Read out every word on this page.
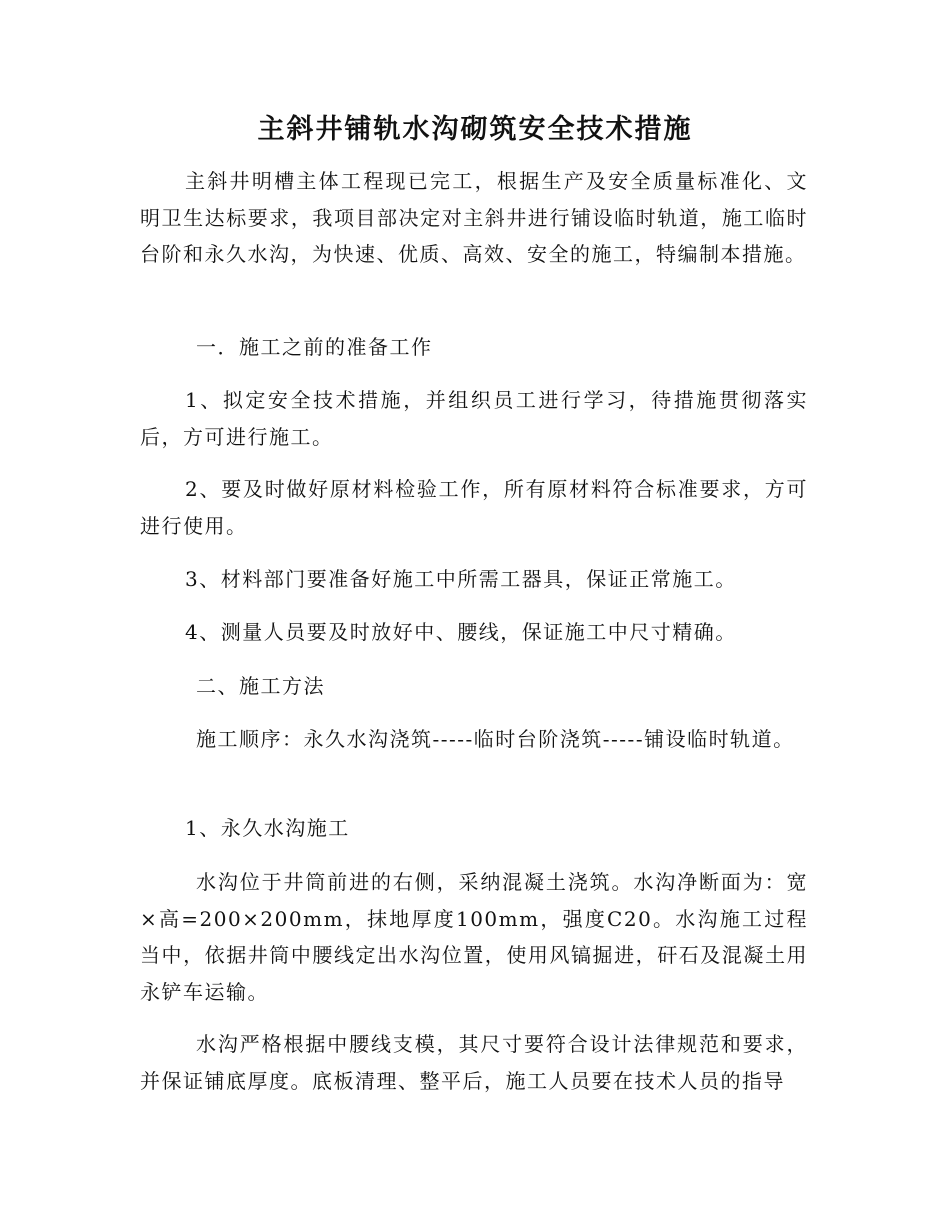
主斜井铺轨水沟砌筑安全技术措施

主斜井明槽主体工程现已完工，根据生产及安全质量标准化、文明卫生达标要求，我项目部决定对主斜井进行铺设临时轨道，施工临时台阶和永久水沟，为快速、优质、高效、安全的施工，特编制本措施。

一．施工之前的准备工作

1、拟定安全技术措施，并组织员工进行学习，待措施贯彻落实后，方可进行施工。

2、要及时做好原材料检验工作，所有原材料符合标准要求，方可进行使用。

3、材料部门要准备好施工中所需工器具，保证正常施工。

4、测量人员要及时放好中、腰线，保证施工中尺寸精确。

二、施工方法

施工顺序：永久水沟浇筑-----临时台阶浇筑-----铺设临时轨道。

1、永久水沟施工

水沟位于井筒前进的右侧，采纳混凝土浇筑。水沟净断面为：宽×高=200×200mm，抹地厚度100mm，强度C20。水沟施工过程当中，依据井筒中腰线定出水沟位置，使用风镐掘进，矸石及混凝土用永铲车运输。

水沟严格根据中腰线支模，其尺寸要符合设计法律规范和要求，并保证铺底厚度。底板清理、整平后，施工人员要在技术人员的指导
